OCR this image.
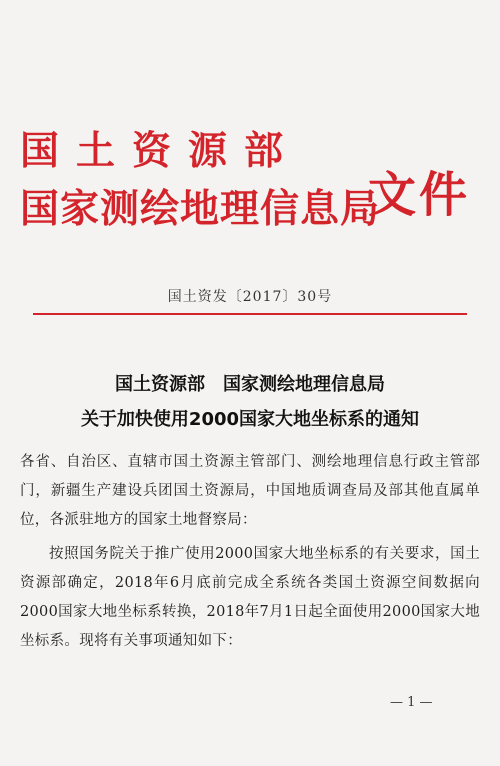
国土资源部
国家测绘地理信息局
文件
国土资发〔2017〕30号
国土资源部　国家测绘地理信息局
关于加快使用2000国家大地坐标系的通知
各省、自治区、直辖市国土资源主管部门、测绘地理信息行政主管部门，新疆生产建设兵团国土资源局，中国地质调查局及部其他直属单位，各派驻地方的国家土地督察局：
按照国务院关于推广使用2000国家大地坐标系的有关要求，国土资源部确定，2018年6月底前完成全系统各类国土资源空间数据向2000国家大地坐标系转换，2018年7月1日起全面使用2000国家大地坐标系。现将有关事项通知如下：
— 1 —
